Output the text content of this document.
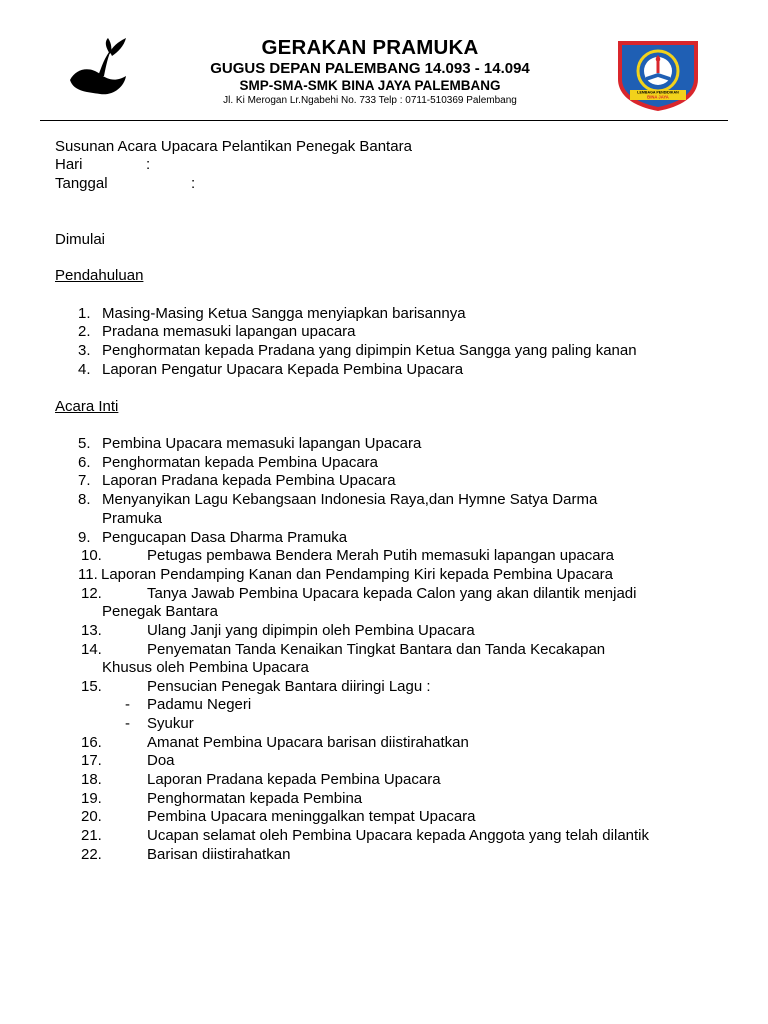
GERAKAN PRAMUKA
GUGUS DEPAN PALEMBANG 14.093 - 14.094
SMP-SMA-SMK BINA JAYA PALEMBANG
Jl. Ki Merogan Lr.Ngabehi No. 733 Telp : 0711-510369 Palembang
LEMBAGA PENDIDIKAN
BINA JAYA
Susunan Acara Upacara Pelantikan Penegak Bantara
Hari	:
Tanggal	:
Dimulai
Pendahuluan
1. Masing-Masing Ketua Sangga menyiapkan barisannya
2. Pradana memasuki lapangan upacara
3. Penghormatan kepada Pradana yang dipimpin Ketua Sangga yang paling kanan
4. Laporan Pengatur Upacara Kepada Pembina Upacara
Acara Inti
5. Pembina Upacara memasuki lapangan Upacara
6. Penghormatan kepada Pembina Upacara
7. Laporan Pradana kepada Pembina Upacara
8. Menyanyikan Lagu Kebangsaan Indonesia Raya,dan Hymne Satya Darma
Pramuka
9. Pengucapan Dasa Dharma Pramuka
10.	Petugas pembawa Bendera Merah Putih memasuki lapangan upacara
11. Laporan Pendamping Kanan dan Pendamping Kiri kepada Pembina Upacara
12.	Tanya Jawab Pembina Upacara kepada Calon yang akan dilantik menjadi
Penegak Bantara
13.	Ulang Janji yang dipimpin oleh Pembina Upacara
14.	Penyematan Tanda Kenaikan Tingkat Bantara dan Tanda Kecakapan
Khusus oleh Pembina Upacara
15.	Pensucian Penegak Bantara diiringi Lagu :
- Padamu Negeri
- Syukur
16.	Amanat Pembina Upacara barisan diistirahatkan
17.	Doa
18.	Laporan Pradana kepada Pembina Upacara
19.	Penghormatan kepada Pembina
20.	Pembina Upacara meninggalkan tempat Upacara
21.	Ucapan selamat oleh Pembina Upacara kepada Anggota yang telah dilantik
22.	Barisan diistirahatkan
